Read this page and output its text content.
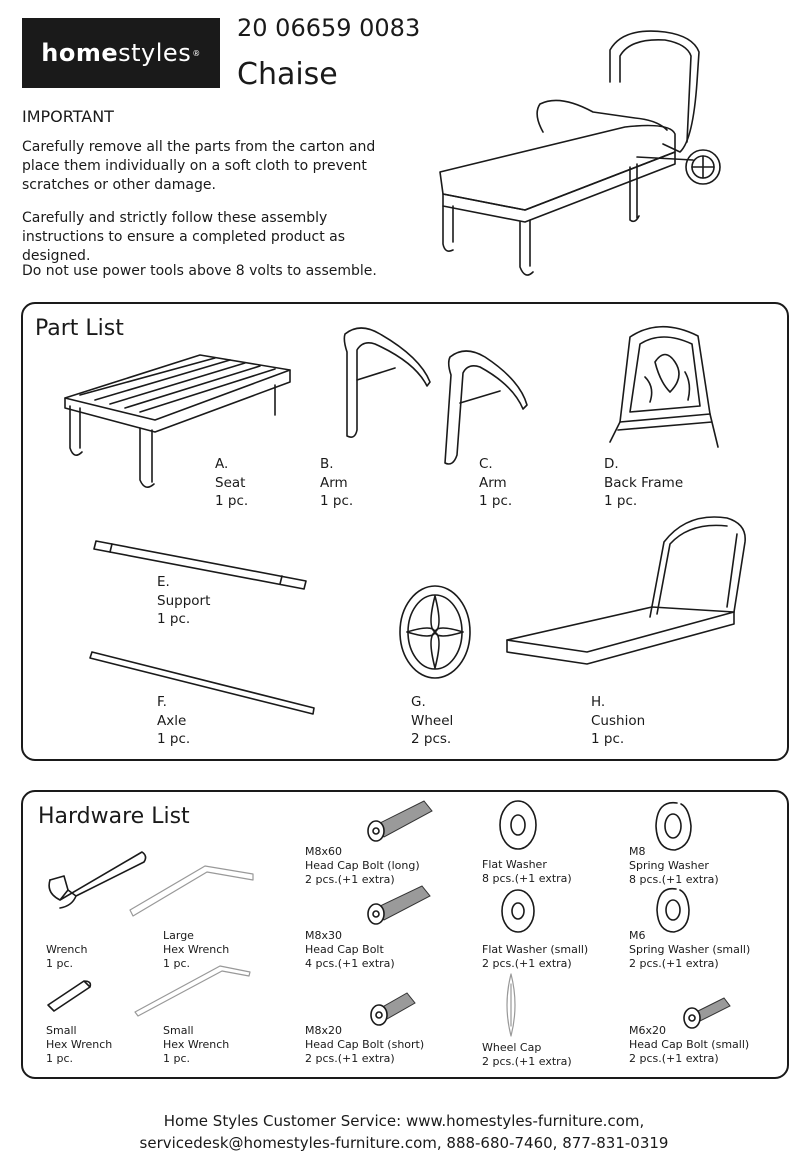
home styles ®
20 06659 0083
Chaise
IMPORTANT
Carefully remove all the parts from the carton and place them individually on a soft cloth to prevent scratches or other damage.
Carefully and strictly follow these assembly instructions to ensure a completed product as designed.
Do not use power tools above 8 volts to assemble.
Part List
A.
Seat
1 pc.
B.
Arm
1 pc.
C.
Arm
1 pc.
D.
Back Frame
1 pc.
E.
Support
1 pc.
F.
Axle
1 pc.
G.
Wheel
2 pcs.
H.
Cushion
1 pc.
Hardware List
Wrench
1 pc.
Large
Hex Wrench
1 pc.
M8x60
Head Cap Bolt (long)
2 pcs.(+1 extra)
Flat Washer
8 pcs.(+1 extra)
M8
Spring Washer
8 pcs.(+1 extra)
M8x30
Head Cap Bolt
4 pcs.(+1 extra)
Flat Washer (small)
2 pcs.(+1 extra)
M6
Spring Washer (small)
2 pcs.(+1 extra)
Small
Hex Wrench
1 pc.
Small
Hex Wrench
1 pc.
M8x20
Head Cap Bolt (short)
2 pcs.(+1 extra)
Wheel Cap
2 pcs.(+1 extra)
M6x20
Head Cap Bolt (small)
2 pcs.(+1 extra)
Home Styles Customer Service: www.homestyles-furniture.com,
servicedesk@homestyles-furniture.com, 888-680-7460, 877-831-0319
